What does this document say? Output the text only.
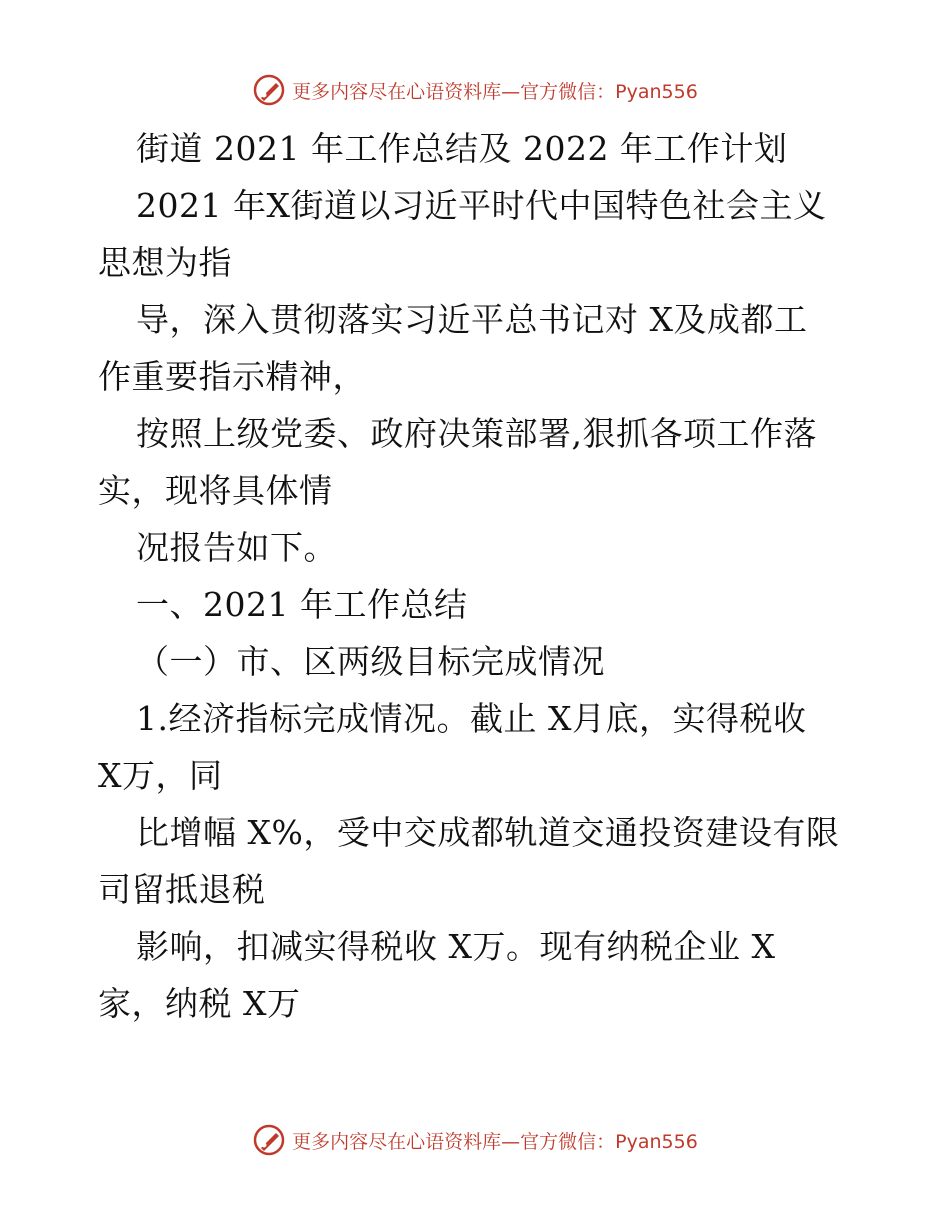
更多内容尽在心语资料库—官方微信：Pyan556
街道 2021 年工作总结及 2022 年工作计划
2021 年X街道以习近平时代中国特色社会主义
思想为指
导，深入贯彻落实习近平总书记对 X及成都工
作重要指示精神，
按照上级党委、政府决策部署,狠抓各项工作落
实，现将具体情
况报告如下。
一、2021 年工作总结
（一）市、区两级目标完成情况
1.经济指标完成情况。截止 X月底，实得税收
X万，同
比增幅 X%，受中交成都轨道交通投资建设有限
司留抵退税
影响，扣减实得税收 X万。现有纳税企业 X
家，纳税 X万
更多内容尽在心语资料库—官方微信：Pyan556
